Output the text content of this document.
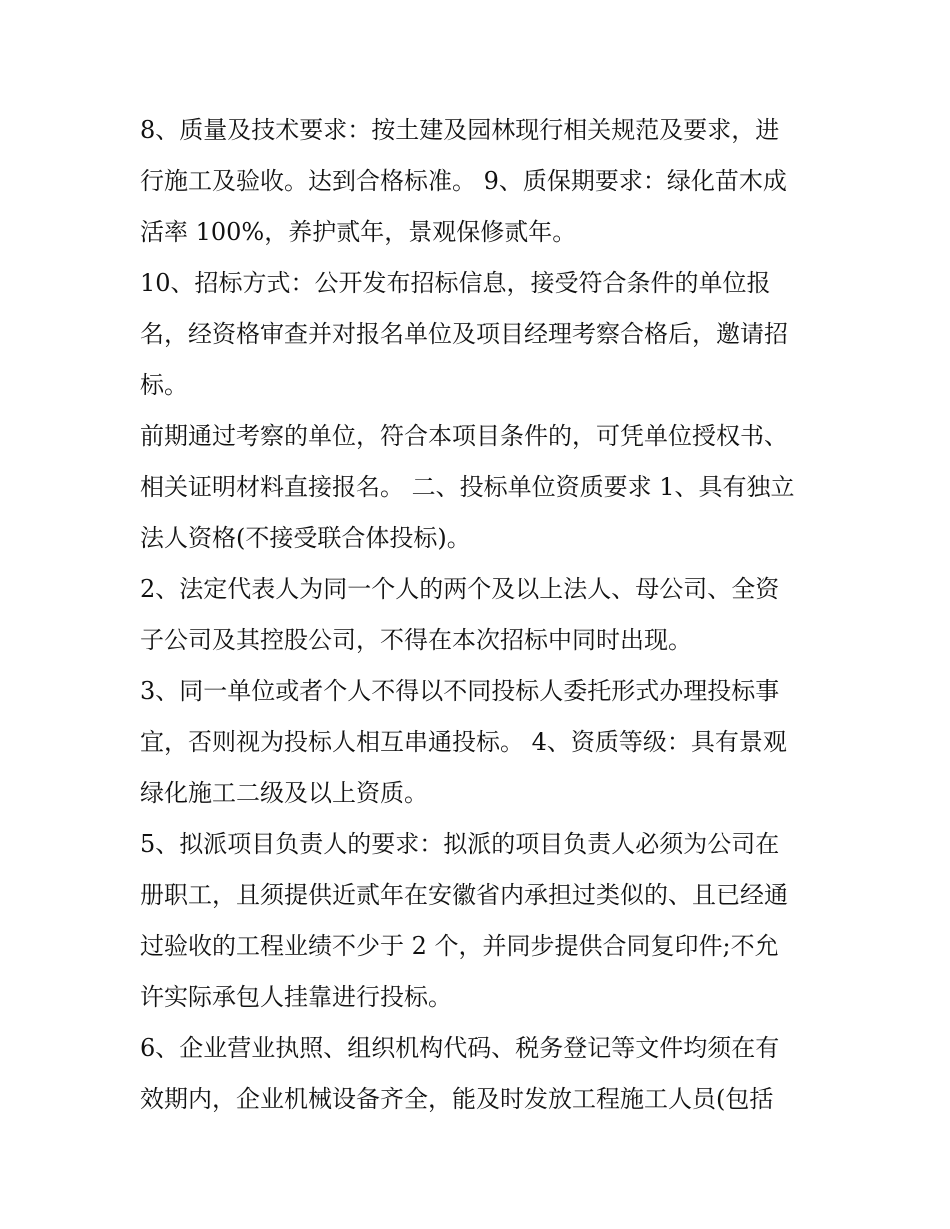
8、质量及技术要求：按土建及园林现行相关规范及要求，进
行施工及验收。达到合格标准。 9、质保期要求：绿化苗木成
活率 100%，养护贰年，景观保修贰年。

10、招标方式：公开发布招标信息，接受符合条件的单位报
名，经资格审查并对报名单位及项目经理考察合格后，邀请招
标。

前期通过考察的单位，符合本项目条件的，可凭单位授权书、
相关证明材料直接报名。 二、投标单位资质要求 1、具有独立
法人资格(不接受联合体投标)。

2、法定代表人为同一个人的两个及以上法人、母公司、全资
子公司及其控股公司，不得在本次招标中同时出现。

3、同一单位或者个人不得以不同投标人委托形式办理投标事
宜，否则视为投标人相互串通投标。 4、资质等级：具有景观
绿化施工二级及以上资质。

5、拟派项目负责人的要求：拟派的项目负责人必须为公司在
册职工，且须提供近贰年在安徽省内承担过类似的、且已经通
过验收的工程业绩不少于 2 个，并同步提供合同复印件;不允
许实际承包人挂靠进行投标。

6、企业营业执照、组织机构代码、税务登记等文件均须在有
效期内，企业机械设备齐全，能及时发放工程施工人员(包括
